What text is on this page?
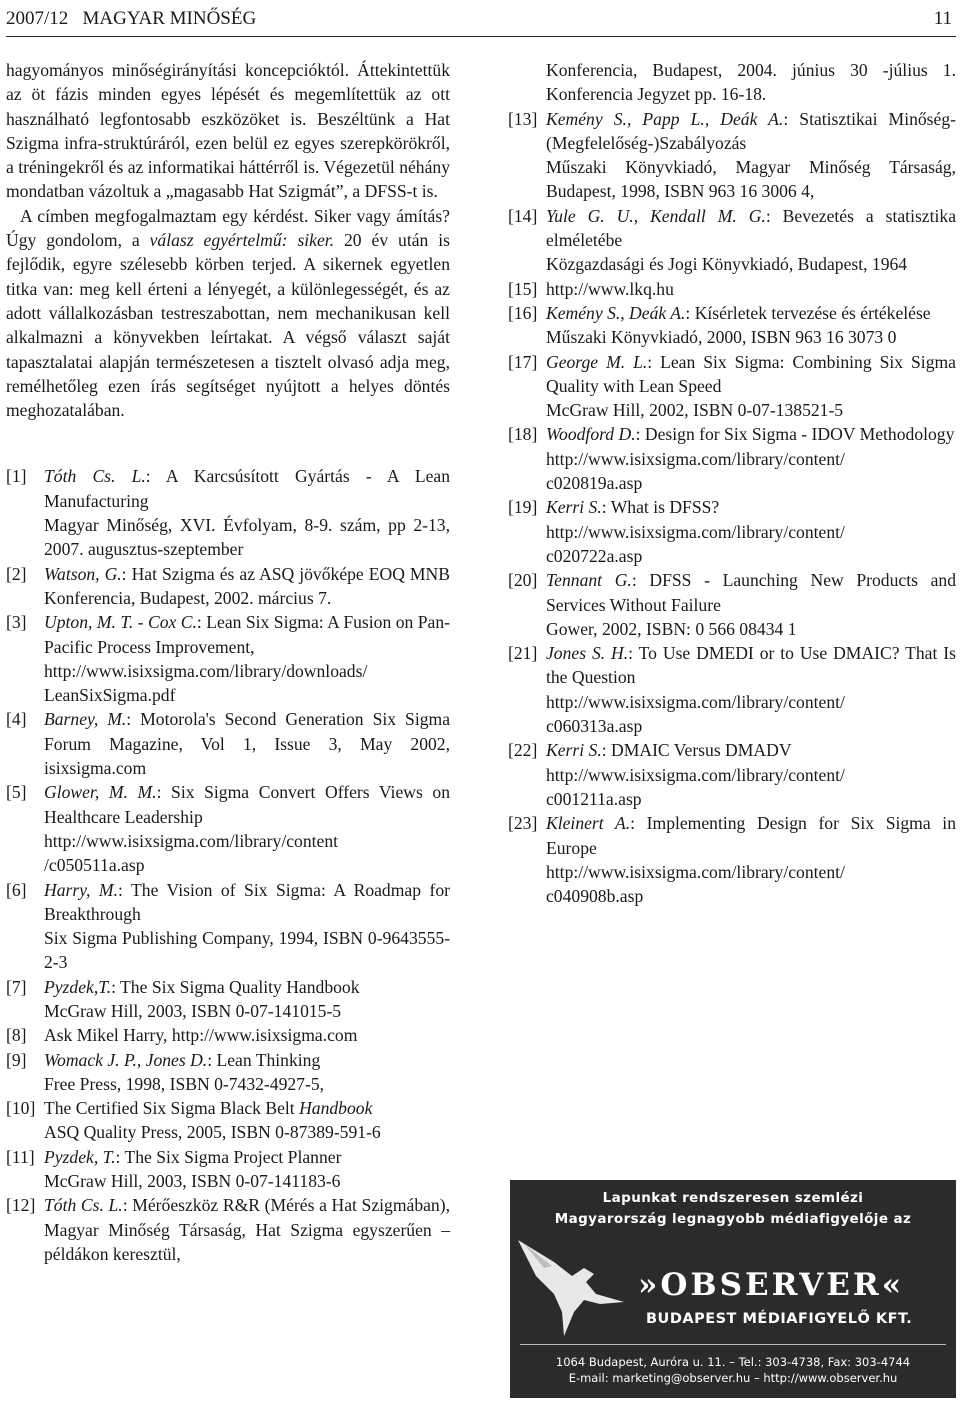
2007/12   MAGYAR MINŐSÉG	11

hagyományos minőségirányítási koncepcióktól. Áttekintettük az öt fázis minden egyes lépését és megemlítettük az ott használható legfontosabb eszközöket is. Beszéltünk a Hat Szigma infra-struktúráról, ezen belül ez egyes szerepkörökről, a tréningekről és az informatikai háttérről is. Végezetül néhány mondatban vázoltuk a „magasabb Hat Szigmát”, a DFSS-t is.

A címben megfogalmaztam egy kérdést. Siker vagy ámítás? Úgy gondolom, a válasz egyértelmű: siker. 20 év után is fejlődik, egyre szélesebb körben terjed. A sikernek egyetlen titka van: meg kell érteni a lényegét, a különlegességét, és az adott vállalkozásban testreszabottan, nem mechanikusan kell alkalmazni a könyvekben leírtakat. A végső választ saját tapasztalatai alapján természetesen a tisztelt olvasó adja meg, remélhetőleg ezen írás segítséget nyújtott a helyes döntés meghozatalában.

[1] Tóth Cs. L.: A Karcsúsított Gyártás - A Lean Manufacturing
Magyar Minőség, XVI. Évfolyam, 8-9. szám, pp 2-13, 2007. augusztus-szeptember
[2] Watson, G.: Hat Szigma és az ASQ jövőképe EOQ MNB Konferencia, Budapest, 2002. március 7.
[3] Upton, M. T. - Cox C.: Lean Six Sigma: A Fusion on Pan-Pacific Process Improvement,
http://www.isixsigma.com/library/downloads/
LeanSixSigma.pdf
[4] Barney, M.: Motorola's Second Generation Six Sigma Forum Magazine, Vol 1, Issue 3, May 2002, isixsigma.com
[5] Glower, M. M.: Six Sigma Convert Offers Views on Healthcare Leadership
http://www.isixsigma.com/library/content
/c050511a.asp
[6] Harry, M.: The Vision of Six Sigma: A Roadmap for Breakthrough
Six Sigma Publishing Company, 1994, ISBN 0-9643555-2-3
[7] Pyzdek,T.: The Six Sigma Quality Handbook
McGraw Hill, 2003, ISBN 0-07-141015-5
[8] Ask Mikel Harry, http://www.isixsigma.com
[9] Womack J. P., Jones D.: Lean Thinking
Free Press, 1998, ISBN 0-7432-4927-5,
[10] The Certified Six Sigma Black Belt Handbook
ASQ Quality Press, 2005, ISBN 0-87389-591-6
[11] Pyzdek, T.: The Six Sigma Project Planner
McGraw Hill, 2003, ISBN 0-07-141183-6
[12] Tóth Cs. L.: Mérőeszköz R&R (Mérés a Hat Szigmában), Magyar Minőség Társaság, Hat Szigma egyszerűen – példákon keresztül,
Konferencia, Budapest, 2004. június 30 -július 1. Konferencia Jegyzet pp. 16-18.
[13] Kemény S., Papp L., Deák A.: Statisztikai Minőség-(Megfelelőség-)Szabályozás
Műszaki Könyvkiadó, Magyar Minőség Társaság, Budapest, 1998, ISBN 963 16 3006 4,
[14] Yule G. U., Kendall M. G.: Bevezetés a statisztika elméletébe
Közgazdasági és Jogi Könyvkiadó, Budapest, 1964
[15] http://www.lkq.hu
[16] Kemény S., Deák A.: Kísérletek tervezése és értékelése
Műszaki Könyvkiadó, 2000, ISBN 963 16 3073 0
[17] George M. L.: Lean Six Sigma: Combining Six Sigma Quality with Lean Speed
McGraw Hill, 2002, ISBN 0-07-138521-5
[18] Woodford D.: Design for Six Sigma - IDOV Methodology
http://www.isixsigma.com/library/content/
c020819a.asp
[19] Kerri S.: What is DFSS?
http://www.isixsigma.com/library/content/
c020722a.asp
[20] Tennant G.: DFSS - Launching New Products and Services Without Failure
Gower, 2002, ISBN: 0 566 08434 1
[21] Jones S. H.: To Use DMEDI or to Use DMAIC? That Is the Question
http://www.isixsigma.com/library/content/
c060313a.asp
[22] Kerri S.: DMAIC Versus DMADV
http://www.isixsigma.com/library/content/
c001211a.asp
[23] Kleinert A.: Implementing Design for Six Sigma in Europe
http://www.isixsigma.com/library/content/
c040908b.asp
Lapunkat rendszeresen szemlézi
Magyarország legnagyobb médiafigyelője az
»OBSERVER«
BUDAPEST MÉDIAFIGYELŐ KFT.
1064 Budapest, Auróra u. 11. – Tel.: 303-4738, Fax: 303-4744
E-mail: marketing@observer.hu – http://www.observer.hu
